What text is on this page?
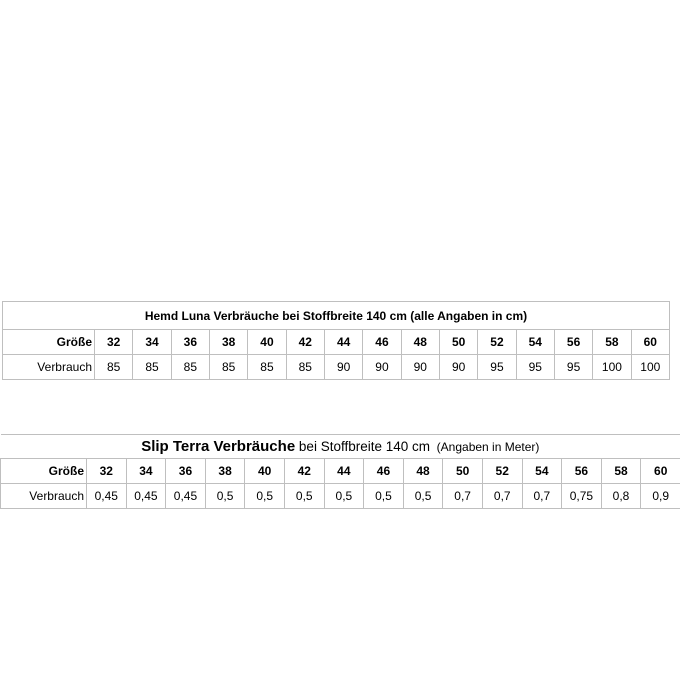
Hemd Luna Verbräuche bei Stoffbreite 140 cm (alle Angaben in cm)															
Größe	32	34	36	38	40	42	44	46	48	50	52	54	56	58	60
Verbrauch	85	85	85	85	85	85	90	90	90	90	95	95	95	100	100
Slip Terra Verbräuche bei Stoffbreite 140 cm  (Angaben in Meter)															
Größe	32	34	36	38	40	42	44	46	48	50	52	54	56	58	60
Verbrauch	0,45	0,45	0,45	0,5	0,5	0,5	0,5	0,5	0,5	0,7	0,7	0,7	0,75	0,8	0,9
